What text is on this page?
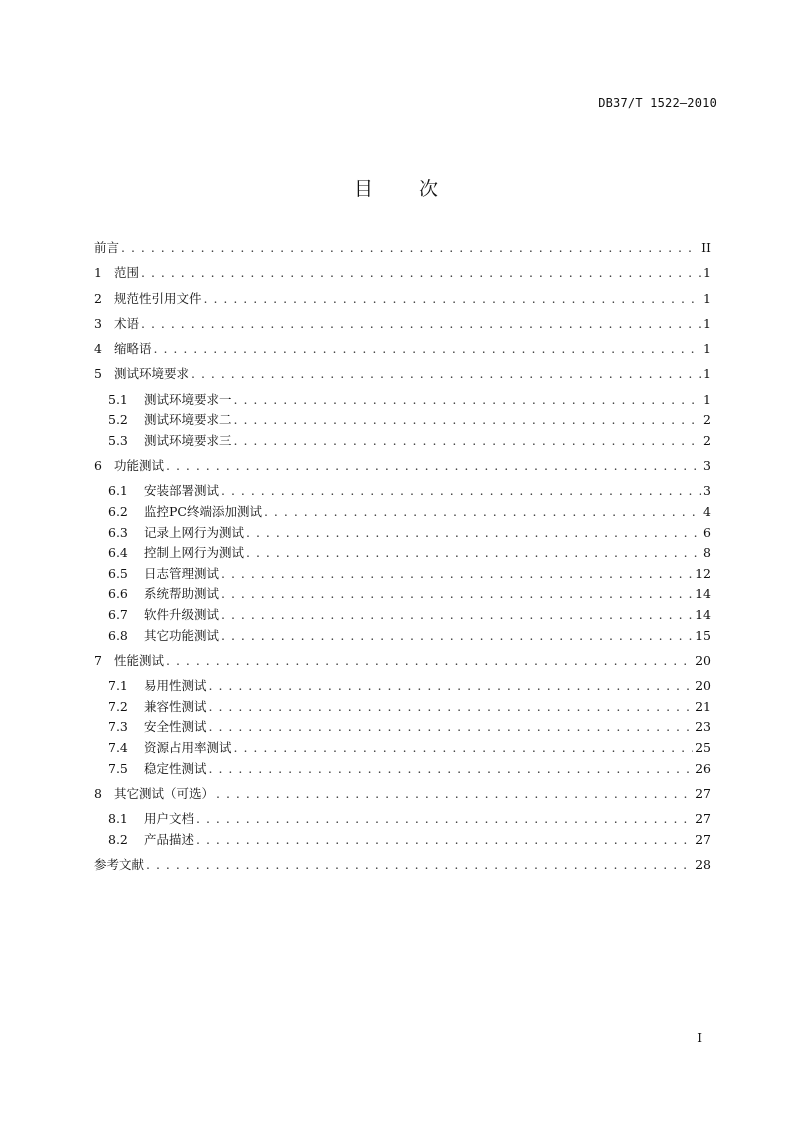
DB37/T 1522—2010
目 次
前言 . . .	II
1 范围 . . .	1
2 规范性引用文件 . . .	1
3 术语 . . .	1
4 缩略语 . . .	1
5 测试环境要求 . . .	1
5.1	测试环境要求一 . . .	1
5.2	测试环境要求二 . . .	2
5.3	测试环境要求三 . . .	2
6 功能测试 . . .	3
6.1	安装部署测试 . . .	3
6.2	监控PC终端添加测试 . . .	4
6.3	记录上网行为测试 . . .	6
6.4	控制上网行为测试 . . .	8
6.5	日志管理测试 . . .	12
6.6	系统帮助测试 . . .	14
6.7	软件升级测试 . . .	14
6.8	其它功能测试 . . .	15
7 性能测试 . . .	20
7.1	易用性测试 . . .	20
7.2	兼容性测试 . . .	21
7.3	安全性测试 . . .	23
7.4	资源占用率测试 . . .	25
7.5	稳定性测试 . . .	26
8 其它测试（可选） . . .	27
8.1	用户文档 . . .	27
8.2	产品描述 . . .	27
参考文献 . . .	28
I
